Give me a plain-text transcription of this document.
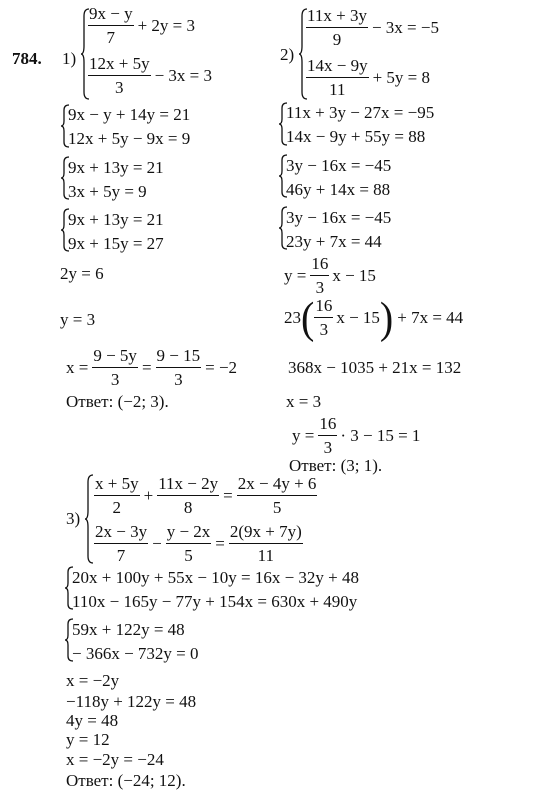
784. 1)
$\frac{9x - y}{7} + 2y = 3$
$\frac{12x + 5y}{3} - 3x = 3$
9x − y + 14y = 21
12x + 5y − 9x = 9
9x + 13y = 21
3x + 5y = 9
9x + 13y = 21
9x + 15y = 27
2y = 6
y = 3
$x = \frac{9 - 5y}{3} = \frac{9 - 15}{3} = -2$
Ответ: (−2; 3).
2)
$\frac{11x + 3y}{9} - 3x = -5$
$\frac{14x - 9y}{11} + 5y = 8$
11x + 3y − 27x = −95
14x − 9y + 55y = 88
3y − 16x = −45
46y + 14x = 88
3y − 16x = −45
23y + 7x = 44
$y = \frac{16}{3}$ x − 15
23 ( $\frac{16}{3}$ x − 15 ) + 7x = 44
368x − 1035 + 21x = 132
x = 3
$y = \frac{16}{3} \cdot 3 - 15 = 1$
Ответ: (3; 1).
3)
$\frac{x + 5y}{2} + \frac{11x - 2y}{8} = \frac{2x - 4y + 6}{5}$
$\frac{2x - 3y}{7} - \frac{y - 2x}{5} = \frac{2(9x + 7y)}{11}$
20x + 100y + 55x − 10y = 16x − 32y + 48
110x − 165y − 77y + 154x = 630x + 490y
59x + 122y = 48
− 366x − 732y = 0
x = −2y
−118y + 122y = 48
4y = 48
y = 12
x = −2y = −24
Ответ: (−24; 12).
